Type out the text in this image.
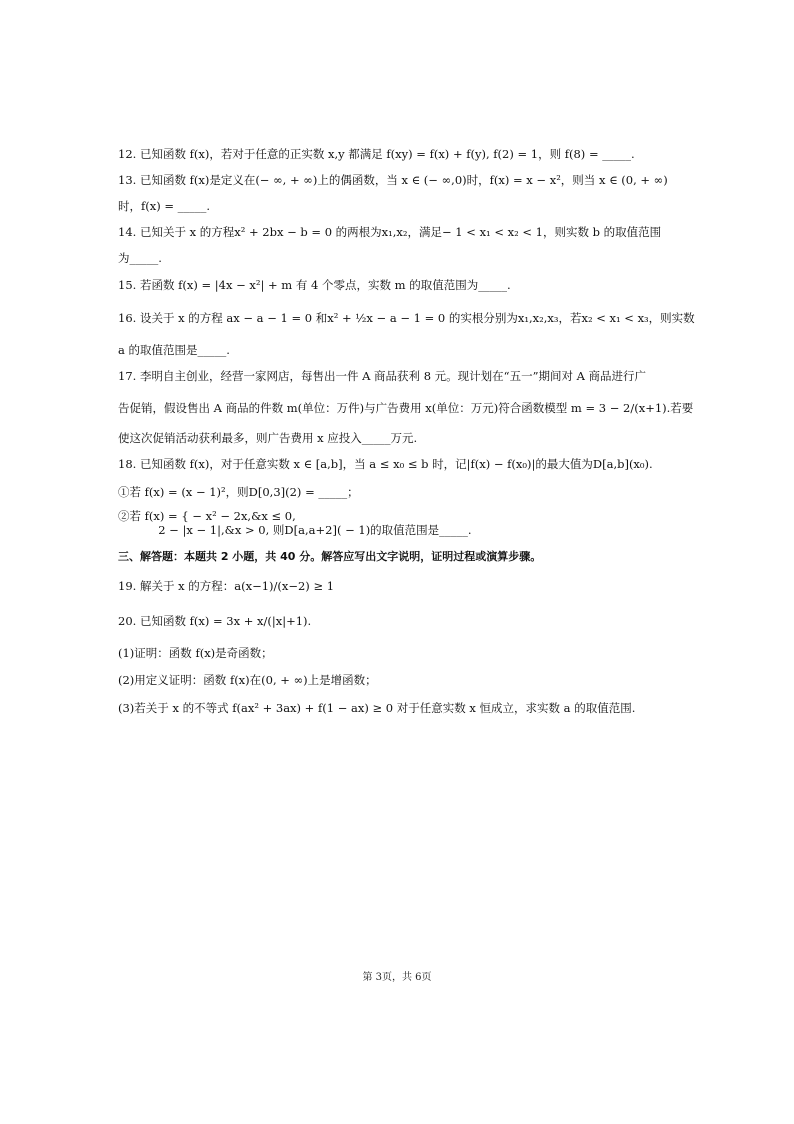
12. 已知函数 f(x)，若对于任意的正实数 x,y 都满足 f(xy) = f(x) + f(y), f(2) = 1，则 f(8) = _____.
13. 已知函数 f(x)是定义在(− ∞, + ∞)上的偶函数，当 x ∈ (− ∞,0)时，f(x) = x − x²，则当 x ∈ (0, + ∞)
时，f(x) = _____.
14. 已知关于 x 的方程x² + 2bx − b = 0 的两根为x₁,x₂，满足− 1 < x₁ < x₂ < 1，则实数 b 的取值范围
为_____.
15. 若函数 f(x) = |4x − x²| + m 有 4 个零点，实数 m 的取值范围为_____.
16. 设关于 x 的方程 ax − a − 1 = 0 和x² + ½x − a − 1 = 0 的实根分别为x₁,x₂,x₃，若x₂ < x₁ < x₃，则实数
a 的取值范围是_____.
17. 李明自主创业，经营一家网店，每售出一件 A 商品获利 8 元。现计划在“五一”期间对 A 商品进行广
告促销，假设售出 A 商品的件数 m(单位：万件)与广告费用 x(单位：万元)符合函数模型 m = 3 − 2/(x+1).若要
使这次促销活动获利最多，则广告费用 x 应投入_____万元.
18. 已知函数 f(x)，对于任意实数 x ∈ [a,b]，当 a ≤ x₀ ≤ b 时，记|f(x) − f(x₀)|的最大值为D[a,b](x₀).
①若 f(x) = (x − 1)²，则D[0,3](2) = _____；
②若 f(x) = { − x² − 2x,&x ≤ 0,
2 − |x − 1|,&x > 0, 则D[a,a+2]( − 1)的取值范围是_____.
三、解答题：本题共 2 小题，共 40 分。解答应写出文字说明，证明过程或演算步骤。
19. 解关于 x 的方程：a(x−1)/(x−2) ≥ 1
20. 已知函数 f(x) = 3x + x/(|x|+1).
(1)证明：函数 f(x)是奇函数；
(2)用定义证明：函数 f(x)在(0, + ∞)上是增函数；
(3)若关于 x 的不等式 f(ax² + 3ax) + f(1 − ax) ≥ 0 对于任意实数 x 恒成立，求实数 a 的取值范围.
第 3页，共 6页
